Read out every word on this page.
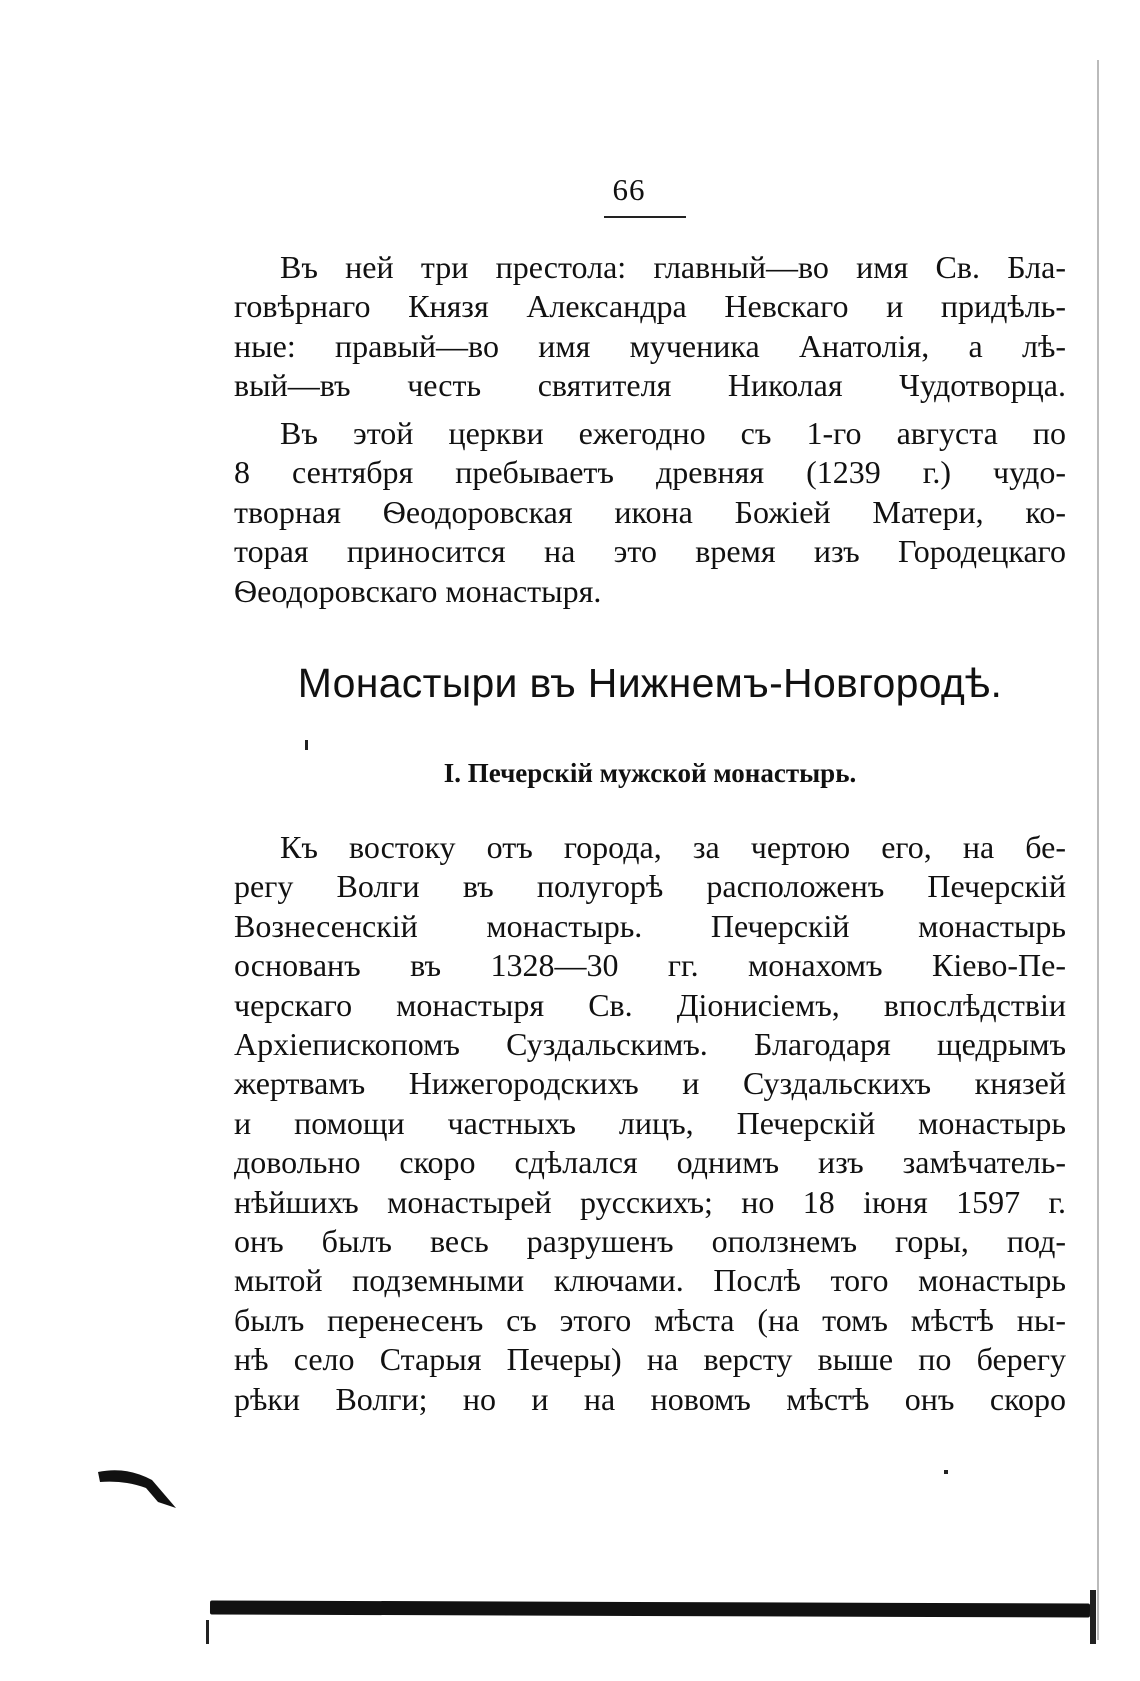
66
Въ ней три престола: главный—во имя Св. Бла-
говѣрнаго Князя Александра Невскаго и придѣль-
ные: правый—во имя мученика Анатолія, а лѣ-
вый—въ честь святителя Николая Чудотворца.
Въ этой церкви ежегодно съ 1-го августа по
8 сентября пребываетъ древняя (1239 г.) чудо-
творная Ѳеодоровская икона Божіей Матери, ко-
торая приносится на это время изъ Городецкаго
Ѳеодоровскаго монастыря.
Монастыри въ Нижнемъ-Новгородѣ.
I. Печерскій мужской монастырь.
Къ востоку отъ города, за чертою его, на бе-
регу Волги въ полугорѣ расположенъ Печерскій
Вознесенскій монастырь. Печерскій монастырь
основанъ въ 1328—30 гг. монахомъ Кіево-Пе-
черскаго монастыря Св. Діонисіемъ, впослѣдствіи
Архіепископомъ Суздальскимъ. Благодаря щедрымъ
жертвамъ Нижегородскихъ и Суздальскихъ князей
и помощи частныхъ лицъ, Печерскій монастырь
довольно скоро сдѣлался однимъ изъ замѣчатель-
нѣйшихъ монастырей русскихъ; но 18 іюня 1597 г.
онъ былъ весь разрушенъ оползнемъ горы, под-
мытой подземными ключами. Послѣ того монастырь
былъ перенесенъ съ этого мѣста (на томъ мѣстѣ ны-
нѣ село Старыя Печеры) на версту выше по берегу
рѣки Волги; но и на новомъ мѣстѣ онъ скоро
